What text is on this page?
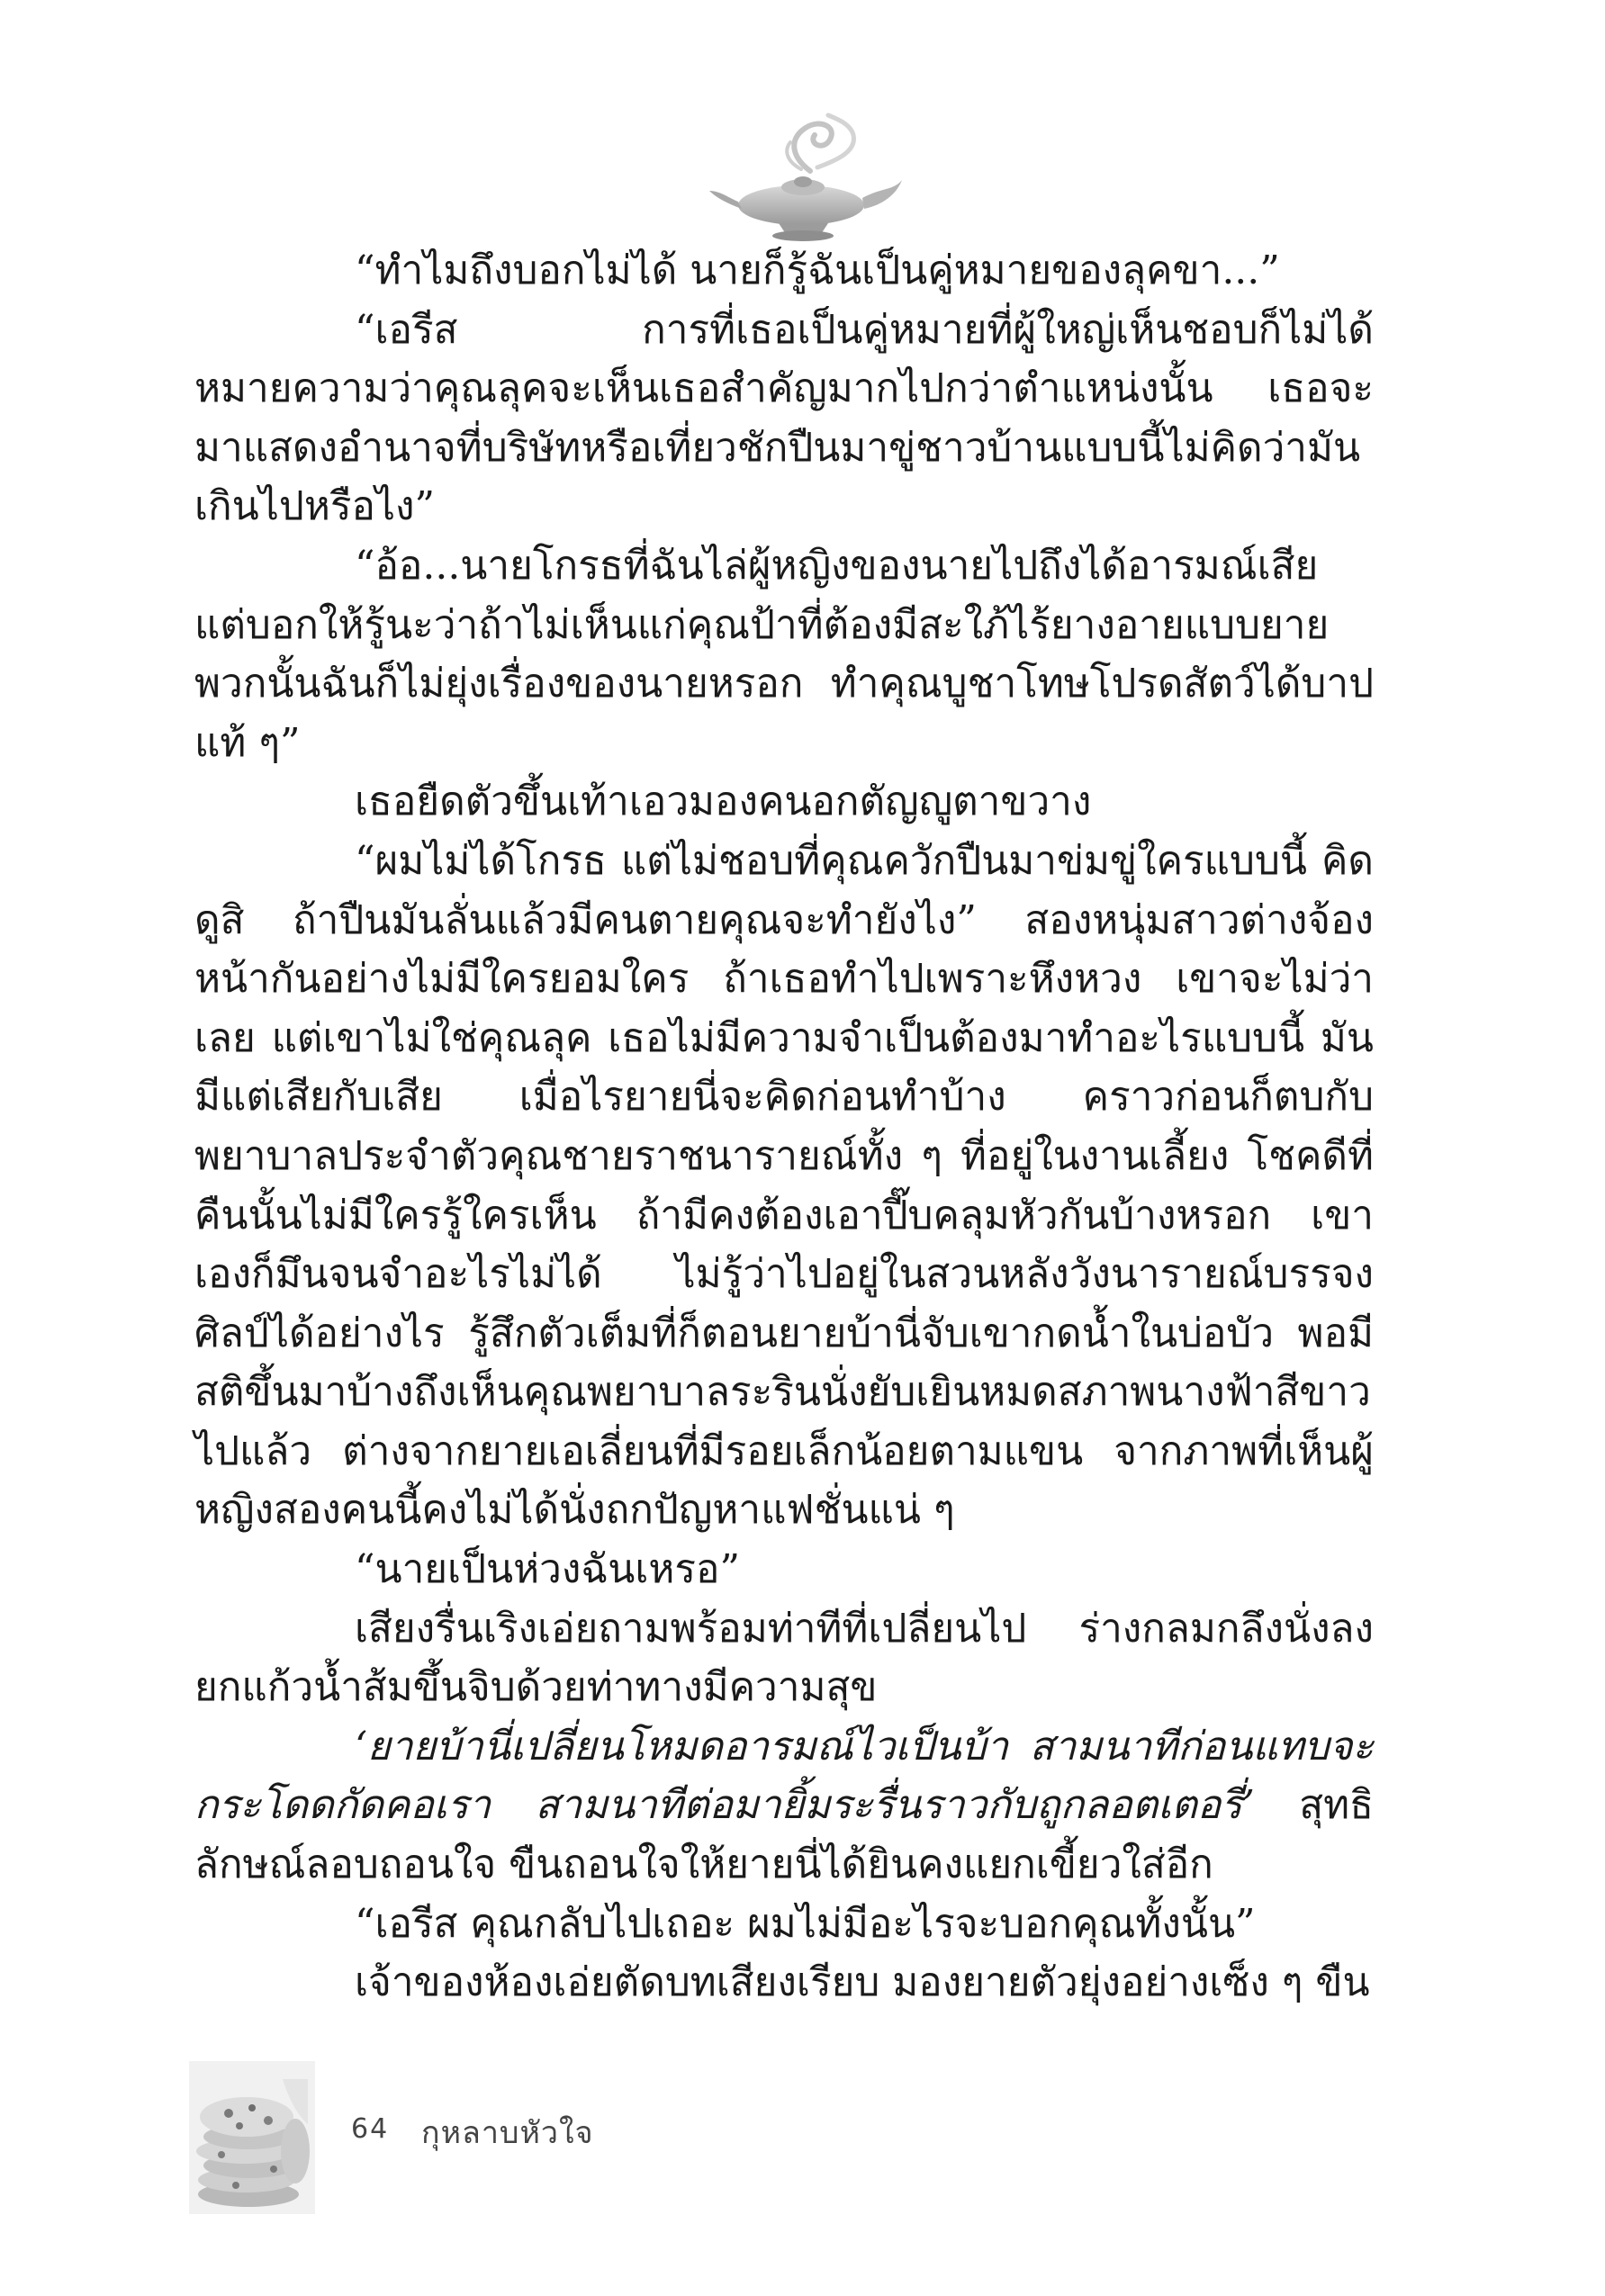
“ทำไมถึงบอกไม่ได้ นายก็รู้ฉันเป็นคู่หมายของลุคขา...”

“เอรีส การที่เธอเป็นคู่หมายที่ผู้ใหญ่เห็นชอบก็ไม่ได้หมายความว่าคุณลุคจะเห็นเธอสำคัญมากไปกว่าตำแหน่งนั้น เธอจะมาแสดงอำนาจที่บริษัทหรือเที่ยวชักปืนมาขู่ชาวบ้านแบบนี้ไม่คิดว่ามันเกินไปหรือไง”

“อ้อ...นายโกรธที่ฉันไล่ผู้หญิงของนายไปถึงได้อารมณ์เสีย แต่บอกให้รู้นะว่าถ้าไม่เห็นแก่คุณป้าที่ต้องมีสะใภ้ไร้ยางอายแบบยายพวกนั้นฉันก็ไม่ยุ่งเรื่องของนายหรอก ทำคุณบูชาโทษโปรดสัตว์ได้บาปแท้ ๆ”

เธอยืดตัวขึ้นเท้าเอวมองคนอกตัญญูตาขวาง

“ผมไม่ได้โกรธ แต่ไม่ชอบที่คุณควักปืนมาข่มขู่ใครแบบนี้ คิดดูสิ ถ้าปืนมันลั่นแล้วมีคนตายคุณจะทำยังไง” สองหนุ่มสาวต่างจ้องหน้ากันอย่างไม่มีใครยอมใคร ถ้าเธอทำไปเพราะหึงหวง เขาจะไม่ว่าเลย แต่เขาไม่ใช่คุณลุค เธอไม่มีความจำเป็นต้องมาทำอะไรแบบนี้ มันมีแต่เสียกับเสีย เมื่อไรยายนี่จะคิดก่อนทำบ้าง คราวก่อนก็ตบกับพยาบาลประจำตัวคุณชายราชนารายณ์ทั้ง ๆ ที่อยู่ในงานเลี้ยง โชคดีที่คืนนั้นไม่มีใครรู้ใครเห็น ถ้ามีคงต้องเอาปี๊บคลุมหัวกันบ้างหรอก เขาเองก็มึนจนจำอะไรไม่ได้ ไม่รู้ว่าไปอยู่ในสวนหลังวังนารายณ์บรรจงศิลป์ได้อย่างไร รู้สึกตัวเต็มที่ก็ตอนยายบ้านี่จับเขากดน้ำในบ่อบัว พอมีสติขึ้นมาบ้างถึงเห็นคุณพยาบาลระรินนั่งยับเยินหมดสภาพนางฟ้าสีขาวไปแล้ว ต่างจากยายเอเลี่ยนที่มีรอยเล็กน้อยตามแขน จากภาพที่เห็นผู้หญิงสองคนนี้คงไม่ได้นั่งถกปัญหาแฟชั่นแน่ ๆ

“นายเป็นห่วงฉันเหรอ”

เสียงรื่นเริงเอ่ยถามพร้อมท่าทีที่เปลี่ยนไป ร่างกลมกลึงนั่งลงยกแก้วน้ำส้มขึ้นจิบด้วยท่าทางมีความสุข

‘ยายบ้านี่เปลี่ยนโหมดอารมณ์ไวเป็นบ้า สามนาทีก่อนแทบจะกระโดดกัดคอเรา สามนาทีต่อมายิ้มระรื่นราวกับถูกลอตเตอรี่’ สุทธิลักษณ์ลอบถอนใจ ขืนถอนใจให้ยายนี่ได้ยินคงแยกเขี้ยวใส่อีก

“เอรีส คุณกลับไปเถอะ ผมไม่มีอะไรจะบอกคุณทั้งนั้น”

เจ้าของห้องเอ่ยตัดบทเสียงเรียบ มองยายตัวยุ่งอย่างเซ็ง ๆ ขืน

64 กุหลาบหัวใจ
